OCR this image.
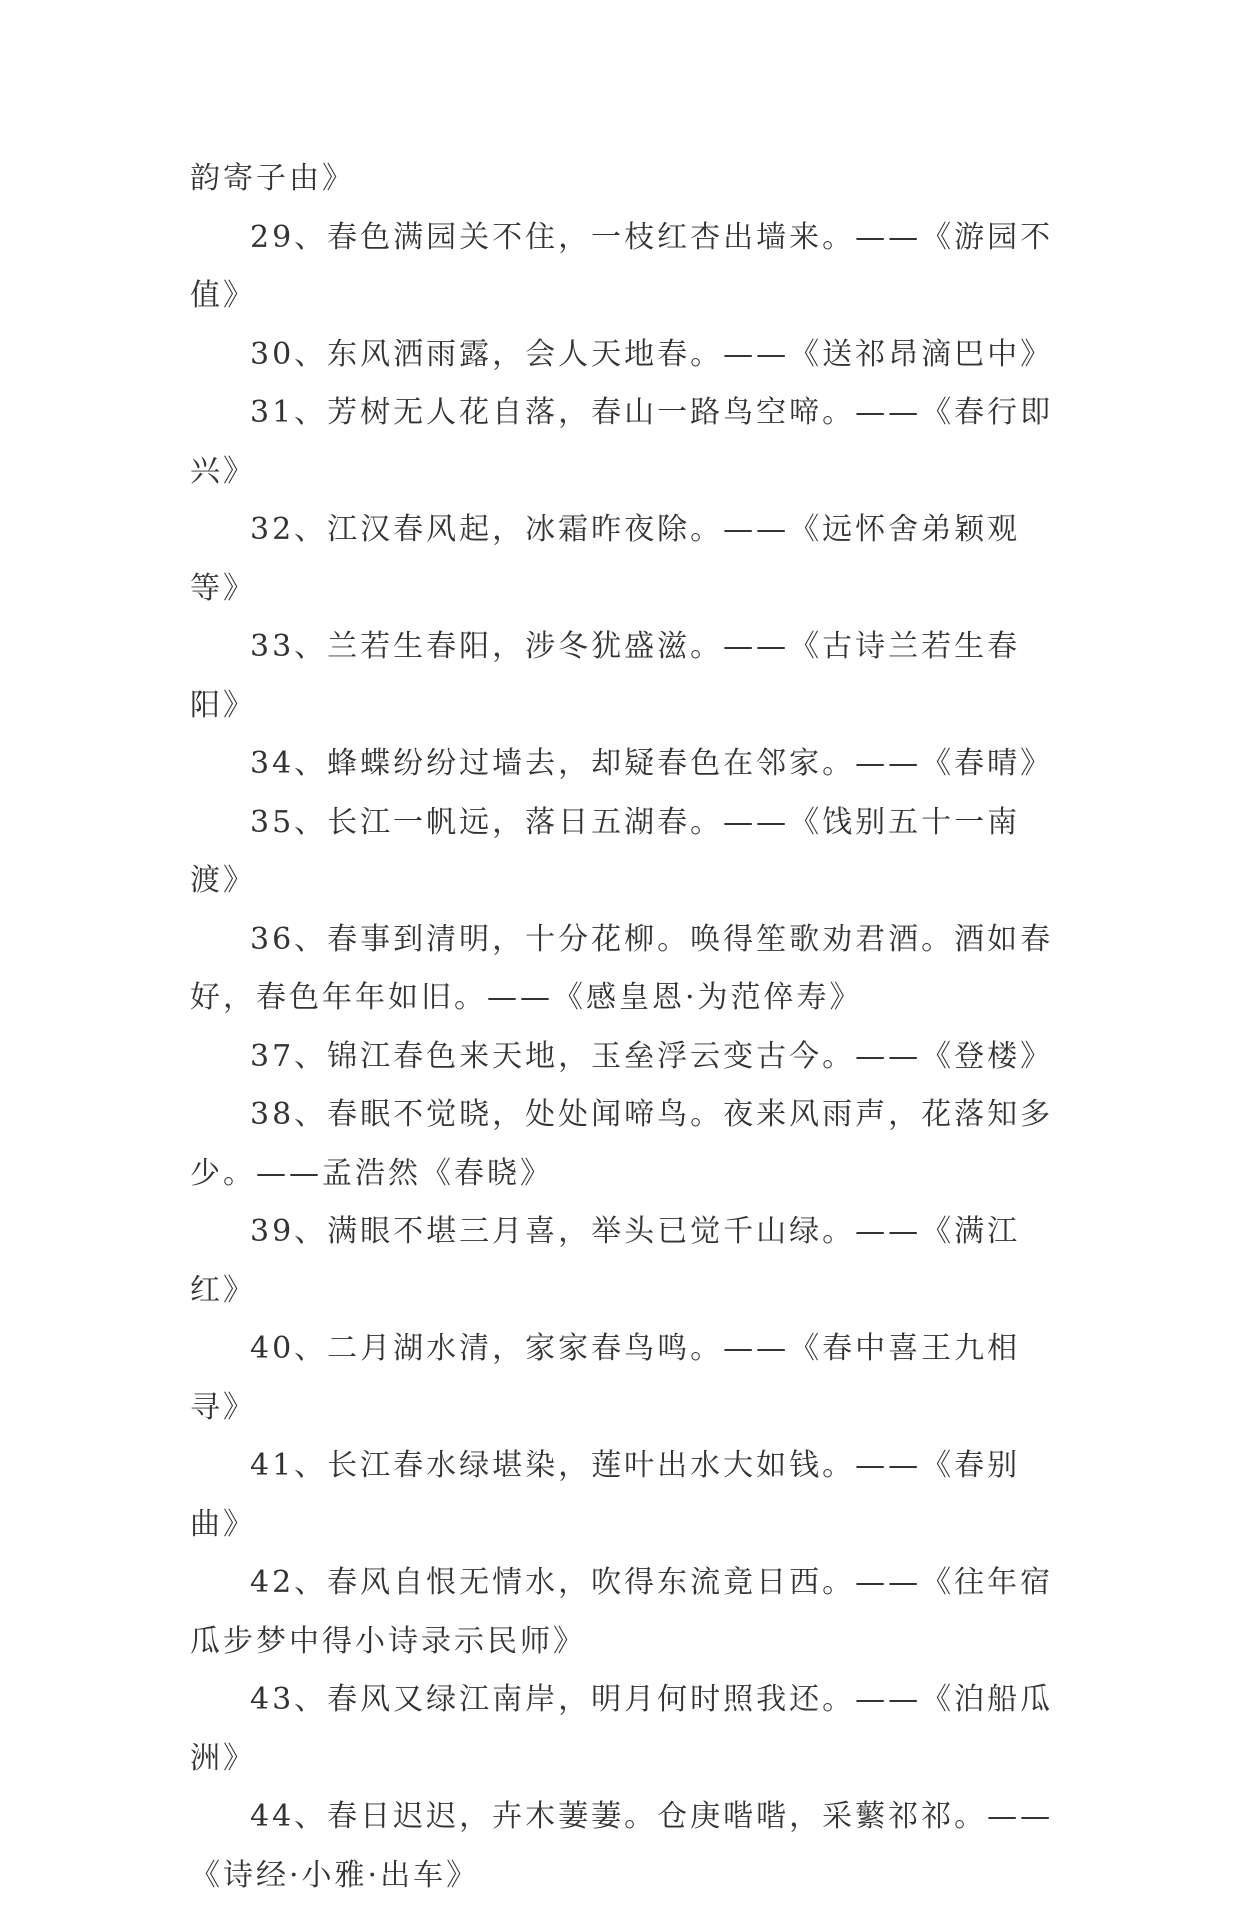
韵寄子由》

29、春色满园关不住，一枝红杏出墙来。——《游园不值》

30、东风洒雨露，会人天地春。——《送祁昂滴巴中》

31、芳树无人花自落，春山一路鸟空啼。——《春行即兴》

32、江汉春风起，冰霜昨夜除。——《远怀舍弟颖观等》

33、兰若生春阳，涉冬犹盛滋。——《古诗兰若生春阳》

34、蜂蝶纷纷过墙去，却疑春色在邻家。——《春晴》

35、长江一帆远，落日五湖春。——《饯别五十一南渡》

36、春事到清明，十分花柳。唤得笙歌劝君酒。酒如春好，春色年年如旧。——《感皇恩·为范倅寿》

37、锦江春色来天地，玉垒浮云变古今。——《登楼》

38、春眠不觉晓，处处闻啼鸟。夜来风雨声，花落知多少。——孟浩然《春晓》

39、满眼不堪三月喜，举头已觉千山绿。——《满江红》

40、二月湖水清，家家春鸟鸣。——《春中喜王九相寻》

41、长江春水绿堪染，莲叶出水大如钱。——《春别曲》

42、春风自恨无情水，吹得东流竟日西。——《往年宿瓜步梦中得小诗录示民师》

43、春风又绿江南岸，明月何时照我还。——《泊船瓜洲》

44、春日迟迟，卉木萋萋。仓庚喈喈，采蘩祁祁。——《诗经·小雅·出车》
